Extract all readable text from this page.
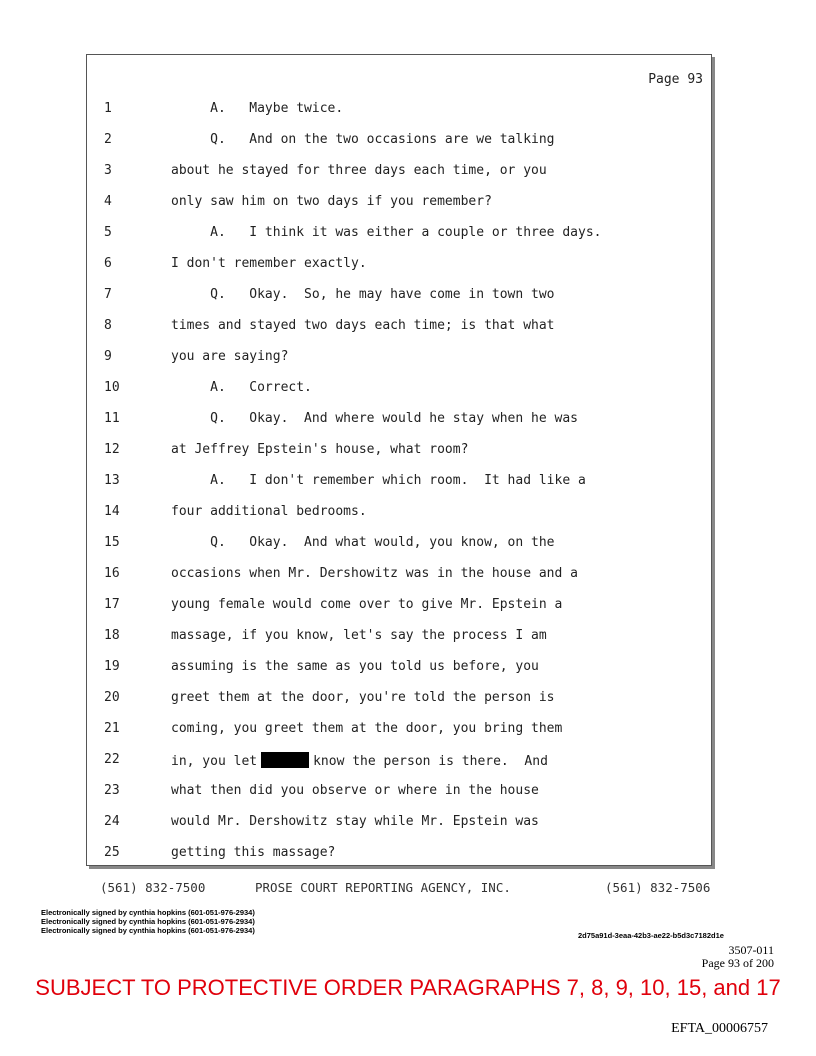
Page 93
1	A.   Maybe twice.
2	Q.   And on the two occasions are we talking
3	about he stayed for three days each time, or you
4	only saw him on two days if you remember?
5	A.   I think it was either a couple or three days.
6	I don't remember exactly.
7	Q.   Okay.  So, he may have come in town two
8	times and stayed two days each time; is that what
9	you are saying?
10	A.   Correct.
11	Q.   Okay.  And where would he stay when he was
12	at Jeffrey Epstein's house, what room?
13	A.   I don't remember which room.  It had like a
14	four additional bedrooms.
15	Q.   Okay.  And what would, you know, on the
16	occasions when Mr. Dershowitz was in the house and a
17	young female would come over to give Mr. Epstein a
18	massage, if you know, let's say the process I am
19	assuming is the same as you told us before, you
20	greet them at the door, you're told the person is
21	coming, you greet them at the door, you bring them
22	in, you let	know the person is there.  And
23	what then did you observe or where in the house
24	would Mr. Dershowitz stay while Mr. Epstein was
25	getting this massage?
(561) 832-7500	PROSE COURT REPORTING AGENCY, INC.	(561) 832-7506
Electronically signed by cynthia hopkins (601-051-976-2934)
Electronically signed by cynthia hopkins (601-051-976-2934)
Electronically signed by cynthia hopkins (601-051-976-2934)
2d75a91d-3eaa-42b3-ae22-b5d3c7182d1e
3507-011
Page 93 of 200
SUBJECT TO PROTECTIVE ORDER PARAGRAPHS 7, 8, 9, 10, 15, and 17
EFTA_00006757
